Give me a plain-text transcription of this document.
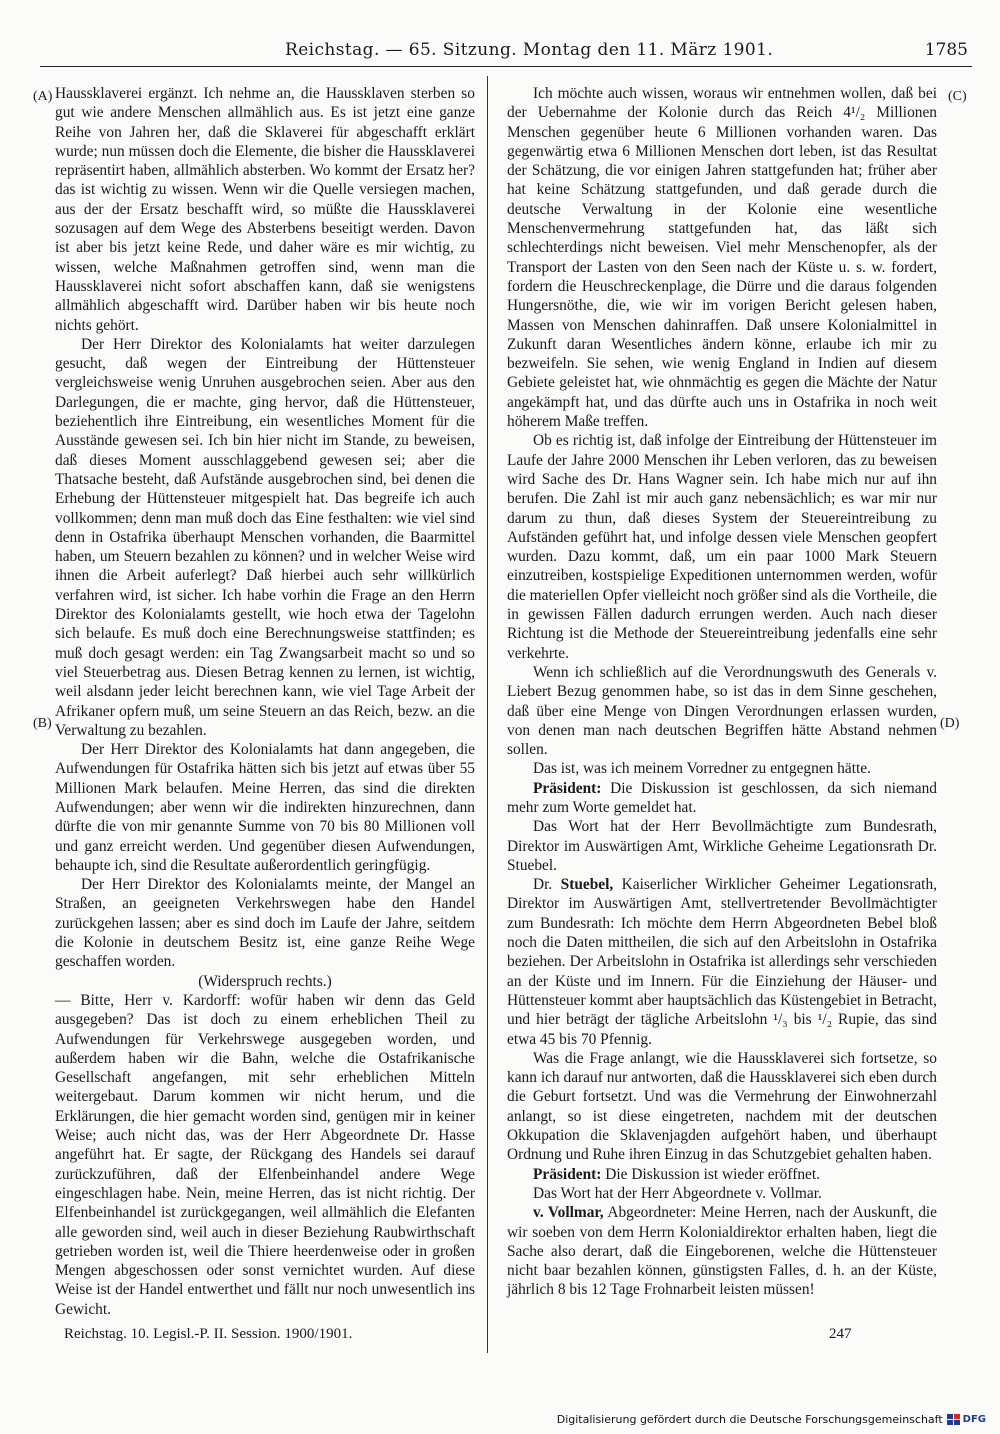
Reichstag. — 65. Sitzung. Montag den 11. März 1901.	1785
(A)
(B)
(C)
(D)

Haussklaverei ergänzt. Ich nehme an, die Haussklaven sterben so gut wie andere Menschen allmählich aus. Es ist jetzt eine ganze Reihe von Jahren her, daß die Sklaverei für abgeschafft erklärt wurde; nun müssen doch die Elemente, die bisher die Haussklaverei repräsentirt haben, allmählich absterben. Wo kommt der Ersatz her? das ist wichtig zu wissen. Wenn wir die Quelle versiegen machen, aus der der Ersatz beschafft wird, so müßte die Haussklaverei sozusagen auf dem Wege des Absterbens beseitigt werden. Davon ist aber bis jetzt keine Rede, und daher wäre es mir wichtig, zu wissen, welche Maßnahmen getroffen sind, wenn man die Haussklaverei nicht sofort abschaffen kann, daß sie wenigstens allmählich abgeschafft wird. Darüber haben wir bis heute noch nichts gehört.

Der Herr Direktor des Kolonialamts hat weiter darzulegen gesucht, daß wegen der Eintreibung der Hüttensteuer vergleichsweise wenig Unruhen ausgebrochen seien. Aber aus den Darlegungen, die er machte, ging hervor, daß die Hüttensteuer, beziehentlich ihre Eintreibung, ein wesentliches Moment für die Ausstände gewesen sei. Ich bin hier nicht im Stande, zu beweisen, daß dieses Moment ausschlaggebend gewesen sei; aber die Thatsache besteht, daß Aufstände ausgebrochen sind, bei denen die Erhebung der Hüttensteuer mitgespielt hat. Das begreife ich auch vollkommen; denn man muß doch das Eine festhalten: wie viel sind denn in Ostafrika überhaupt Menschen vorhanden, die Baarmittel haben, um Steuern bezahlen zu können? und in welcher Weise wird ihnen die Arbeit auferlegt? Daß hierbei auch sehr willkürlich verfahren wird, ist sicher. Ich habe vorhin die Frage an den Herrn Direktor des Kolonialamts gestellt, wie hoch etwa der Tagelohn sich belaufe. Es muß doch eine Berechnungsweise stattfinden; es muß doch gesagt werden: ein Tag Zwangsarbeit macht so und so viel Steuerbetrag aus. Diesen Betrag kennen zu lernen, ist wichtig, weil alsdann jeder leicht berechnen kann, wie viel Tage Arbeit der Afrikaner opfern muß, um seine Steuern an das Reich, bezw. an die Verwaltung zu bezahlen.

Der Herr Direktor des Kolonialamts hat dann angegeben, die Aufwendungen für Ostafrika hätten sich bis jetzt auf etwas über 55 Millionen Mark belaufen. Meine Herren, das sind die direkten Aufwendungen; aber wenn wir die indirekten hinzurechnen, dann dürfte die von mir genannte Summe von 70 bis 80 Millionen voll und ganz erreicht werden. Und gegenüber diesen Aufwendungen, behaupte ich, sind die Resultate außerordentlich geringfügig.

Der Herr Direktor des Kolonialamts meinte, der Mangel an Straßen, an geeigneten Verkehrswegen habe den Handel zurückgehen lassen; aber es sind doch im Laufe der Jahre, seitdem die Kolonie in deutschem Besitz ist, eine ganze Reihe Wege geschaffen worden.

(Widerspruch rechts.)

— Bitte, Herr v. Kardorff: wofür haben wir denn das Geld ausgegeben? Das ist doch zu einem erheblichen Theil zu Aufwendungen für Verkehrswege ausgegeben worden, und außerdem haben wir die Bahn, welche die Ostafrikanische Gesellschaft angefangen, mit sehr erheblichen Mitteln weitergebaut. Darum kommen wir nicht herum, und die Erklärungen, die hier gemacht worden sind, genügen mir in keiner Weise; auch nicht das, was der Herr Abgeordnete Dr. Hasse angeführt hat. Er sagte, der Rückgang des Handels sei darauf zurückzuführen, daß der Elfenbeinhandel andere Wege eingeschlagen habe. Nein, meine Herren, das ist nicht richtig. Der Elfenbeinhandel ist zurückgegangen, weil allmählich die Elefanten alle geworden sind, weil auch in dieser Beziehung Raubwirthschaft getrieben worden ist, weil die Thiere heerdenweise oder in großen Mengen abgeschossen oder sonst vernichtet wurden. Auf diese Weise ist der Handel entwerthet und fällt nur noch unwesentlich ins Gewicht.

Ich möchte auch wissen, woraus wir entnehmen wollen, daß bei der Uebernahme der Kolonie durch das Reich 4¹/₂ Millionen Menschen gegenüber heute 6 Millionen vorhanden waren. Das gegenwärtig etwa 6 Millionen Menschen dort leben, ist das Resultat der Schätzung, die vor einigen Jahren stattgefunden hat; früher aber hat keine Schätzung stattgefunden, und daß gerade durch die deutsche Verwaltung in der Kolonie eine wesentliche Menschenvermehrung stattgefunden hat, das läßt sich schlechterdings nicht beweisen. Viel mehr Menschenopfer, als der Transport der Lasten von den Seen nach der Küste u. s. w. fordert, fordern die Heuschreckenplage, die Dürre und die daraus folgenden Hungersnöthe, die, wie wir im vorigen Bericht gelesen haben, Massen von Menschen dahinraffen. Daß unsere Kolonialmittel in Zukunft daran Wesentliches ändern könne, erlaube ich mir zu bezweifeln. Sie sehen, wie wenig England in Indien auf diesem Gebiete geleistet hat, wie ohnmächtig es gegen die Mächte der Natur angekämpft hat, und das dürfte auch uns in Ostafrika in noch weit höherem Maße treffen.

Ob es richtig ist, daß infolge der Eintreibung der Hüttensteuer im Laufe der Jahre 2000 Menschen ihr Leben verloren, das zu beweisen wird Sache des Dr. Hans Wagner sein. Ich habe mich nur auf ihn berufen. Die Zahl ist mir auch ganz nebensächlich; es war mir nur darum zu thun, daß dieses System der Steuereintreibung zu Aufständen geführt hat, und infolge dessen viele Menschen geopfert wurden. Dazu kommt, daß, um ein paar 1000 Mark Steuern einzutreiben, kostspielige Expeditionen unternommen werden, wofür die materiellen Opfer vielleicht noch größer sind als die Vortheile, die in gewissen Fällen dadurch errungen werden. Auch nach dieser Richtung ist die Methode der Steuereintreibung jedenfalls eine sehr verkehrte.

Wenn ich schließlich auf die Verordnungswuth des Generals v. Liebert Bezug genommen habe, so ist das in dem Sinne geschehen, daß über eine Menge von Dingen Verordnungen erlassen wurden, von denen man nach deutschen Begriffen hätte Abstand nehmen sollen.

Das ist, was ich meinem Vorredner zu entgegnen hätte.

Präsident: Die Diskussion ist geschlossen, da sich niemand mehr zum Worte gemeldet hat.

Das Wort hat der Herr Bevollmächtigte zum Bundesrath, Direktor im Auswärtigen Amt, Wirkliche Geheime Legationsrath Dr. Stuebel.

Dr. Stuebel, Kaiserlicher Wirklicher Geheimer Legationsrath, Direktor im Auswärtigen Amt, stellvertretender Bevollmächtigter zum Bundesrath: Ich möchte dem Herrn Abgeordneten Bebel bloß noch die Daten mittheilen, die sich auf den Arbeitslohn in Ostafrika beziehen. Der Arbeitslohn in Ostafrika ist allerdings sehr verschieden an der Küste und im Innern. Für die Einziehung der Häuser- und Hüttensteuer kommt aber hauptsächlich das Küstengebiet in Betracht, und hier beträgt der tägliche Arbeitslohn ¹/₃ bis ¹/₂ Rupie, das sind etwa 45 bis 70 Pfennig.

Was die Frage anlangt, wie die Haussklaverei sich fortsetze, so kann ich darauf nur antworten, daß die Haussklaverei sich eben durch die Geburt fortsetzt. Und was die Vermehrung der Einwohnerzahl anlangt, so ist diese eingetreten, nachdem mit der deutschen Okkupation die Sklavenjagden aufgehört haben, und überhaupt Ordnung und Ruhe ihren Einzug in das Schutzgebiet gehalten haben.

Präsident: Die Diskussion ist wieder eröffnet.

Das Wort hat der Herr Abgeordnete v. Vollmar.

v. Vollmar, Abgeordneter: Meine Herren, nach der Auskunft, die wir soeben von dem Herrn Kolonialdirektor erhalten haben, liegt die Sache also derart, daß die Eingeborenen, welche die Hüttensteuer nicht baar bezahlen können, günstigsten Falles, d. h. an der Küste, jährlich 8 bis 12 Tage Frohnarbeit leisten müssen!

Reichstag. 10. Legisl.-P. II. Session. 1900/1901.	247
Digitalisierung gefördert durch die Deutsche Forschungsgemeinschaft DFG
